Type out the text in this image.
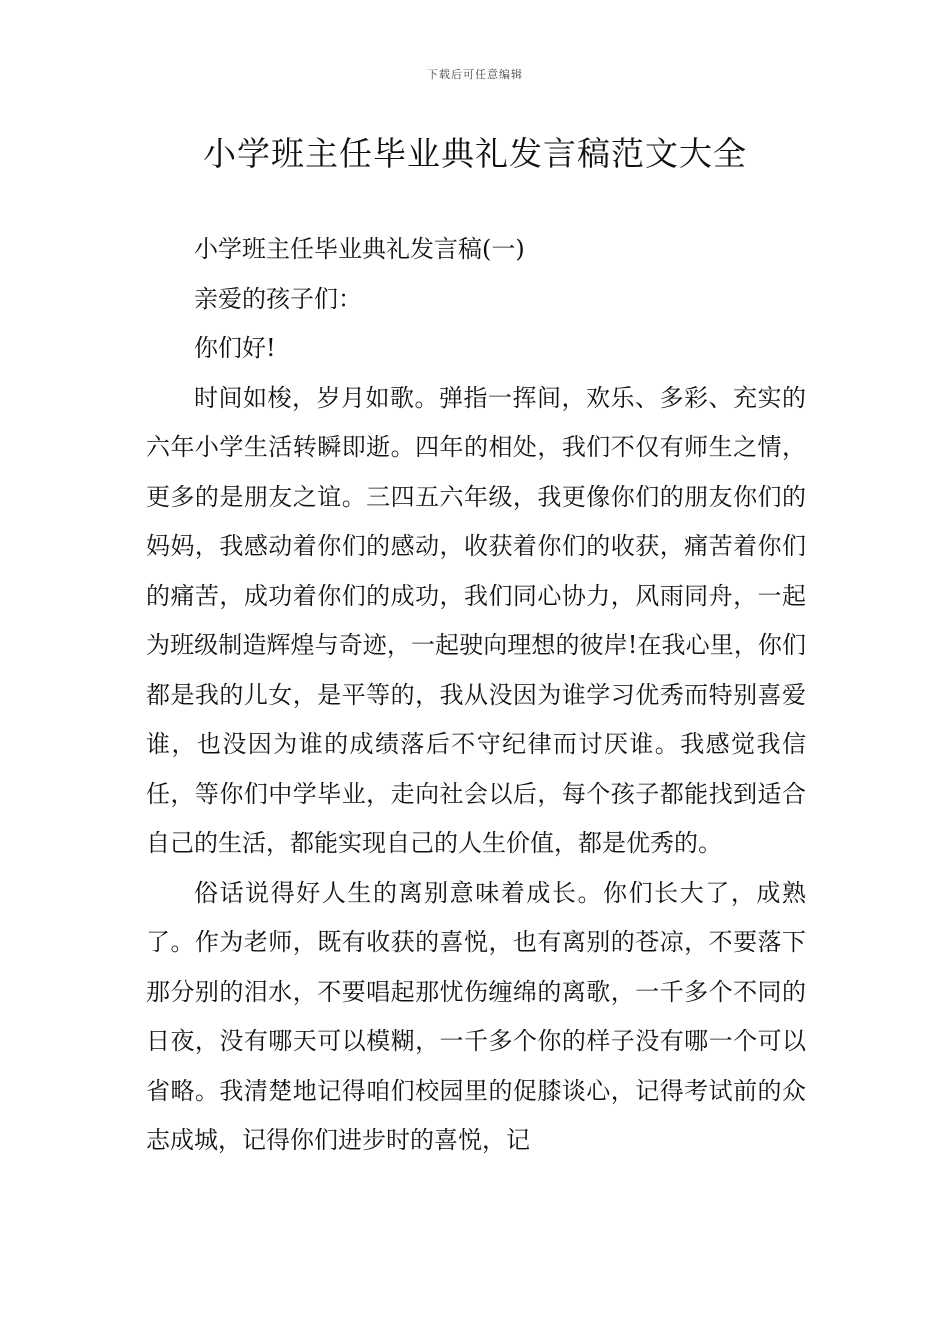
下载后可任意编辑
小学班主任毕业典礼发言稿范文大全

小学班主任毕业典礼发言稿(一)

亲爱的孩子们：

你们好!

时间如梭，岁月如歌。弹指一挥间，欢乐、多彩、充实的六年小学生活转瞬即逝。四年的相处，我们不仅有师生之情，更多的是朋友之谊。三四五六年级，我更像你们的朋友你们的妈妈，我感动着你们的感动，收获着你们的收获，痛苦着你们的痛苦，成功着你们的成功，我们同心协力，风雨同舟，一起为班级制造辉煌与奇迹，一起驶向理想的彼岸!在我心里，你们都是我的儿女，是平等的，我从没因为谁学习优秀而特别喜爱谁，也没因为谁的成绩落后不守纪律而讨厌谁。我感觉我信任，等你们中学毕业，走向社会以后，每个孩子都能找到适合自己的生活，都能实现自己的人生价值，都是优秀的。

俗话说得好人生的离别意味着成长。你们长大了，成熟了。作为老师，既有收获的喜悦，也有离别的苍凉，不要落下那分别的泪水，不要唱起那忧伤缠绵的离歌，一千多个不同的日夜，没有哪天可以模糊，一千多个你的样子没有哪一个可以省略。我清楚地记得咱们校园里的促膝谈心，记得考试前的众志成城，记得你们进步时的喜悦，记
